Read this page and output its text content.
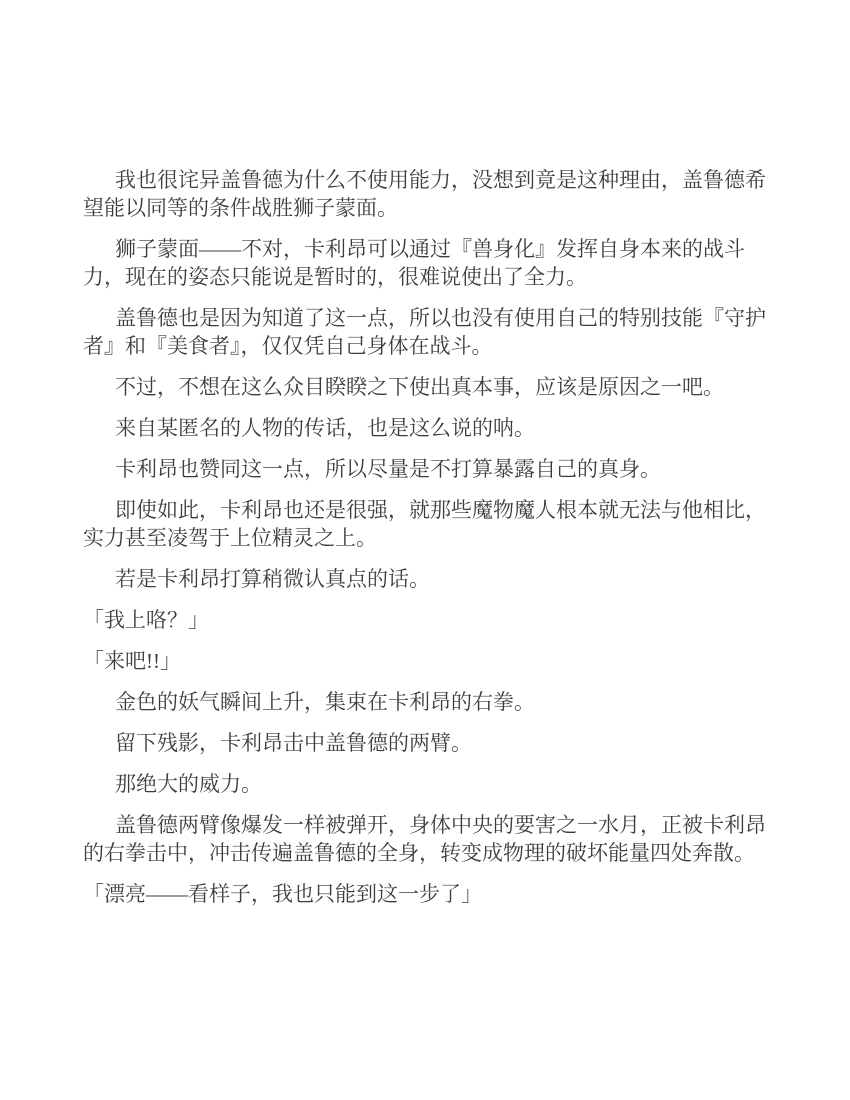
我也很诧异盖鲁德为什么不使用能力，没想到竟是这种理由，盖鲁德希望能以同等的条件战胜狮子蒙面。

狮子蒙面——不对，卡利昂可以通过『兽身化』发挥自身本来的战斗力，现在的姿态只能说是暂时的，很难说使出了全力。

盖鲁德也是因为知道了这一点，所以也没有使用自己的特别技能『守护者』和『美食者』，仅仅凭自己身体在战斗。

不过，不想在这么众目睽睽之下使出真本事，应该是原因之一吧。

来自某匿名的人物的传话，也是这么说的呐。

卡利昂也赞同这一点，所以尽量是不打算暴露自己的真身。

即使如此，卡利昂也还是很强，就那些魔物魔人根本就无法与他相比，实力甚至凌驾于上位精灵之上。

若是卡利昂打算稍微认真点的话。

「我上咯？」

「来吧!!」

金色的妖气瞬间上升，集束在卡利昂的右拳。

留下残影，卡利昂击中盖鲁德的两臂。

那绝大的威力。

盖鲁德两臂像爆发一样被弹开，身体中央的要害之一水月，正被卡利昂的右拳击中，冲击传遍盖鲁德的全身，转变成物理的破坏能量四处奔散。

「漂亮——看样子，我也只能到这一步了」
